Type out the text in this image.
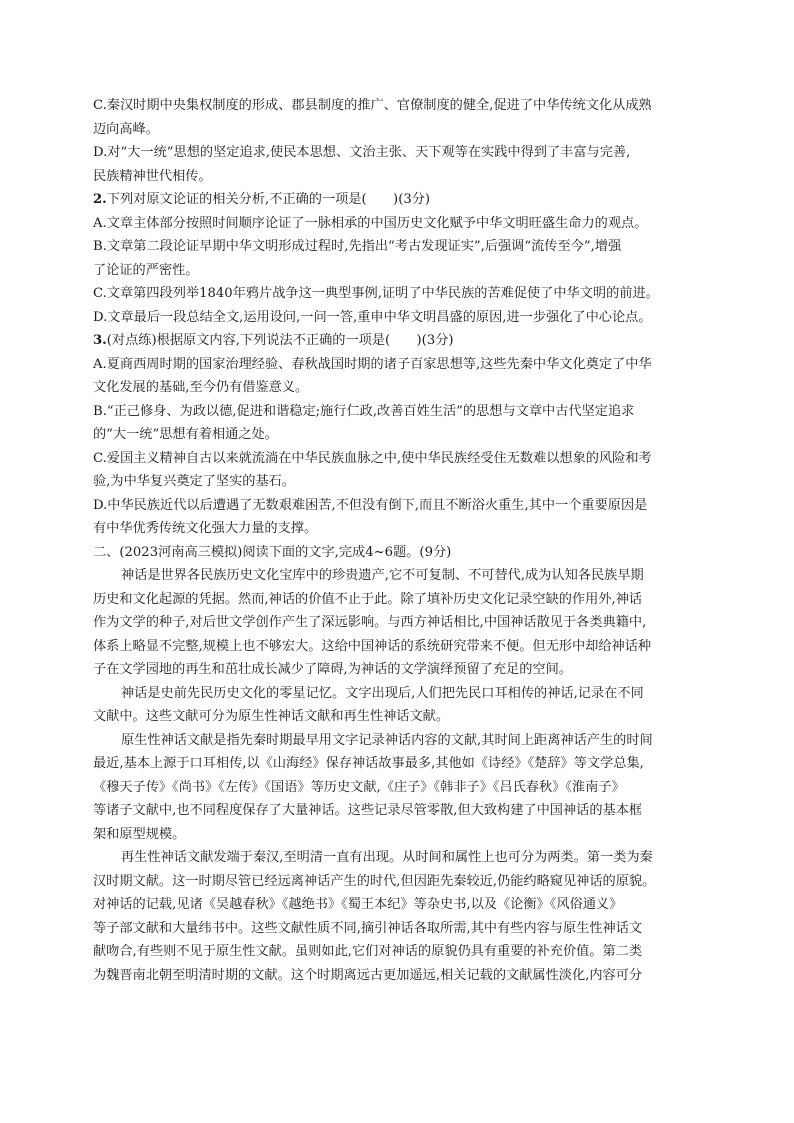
C.秦汉时期中央集权制度的形成、郡县制度的推广、官僚制度的健全,促进了中华传统文化从成熟
迈向高峰。
D.对“大一统”思想的坚定追求,使民本思想、文治主张、天下观等在实践中得到了丰富与完善,
民族精神世代相传。
2.下列对原文论证的相关分析,不正确的一项是(　　)(3分)
A.文章主体部分按照时间顺序论证了一脉相承的中国历史文化赋予中华文明旺盛生命力的观点。
B.文章第二段论证早期中华文明形成过程时,先指出“考古发现证实”,后强调“流传至今”,增强
了论证的严密性。
C.文章第四段列举1840年鸦片战争这一典型事例,证明了中华民族的苦难促使了中华文明的前进。
D.文章最后一段总结全文,运用设问,一问一答,重申中华文明昌盛的原因,进一步强化了中心论点。
3.(对点练)根据原文内容,下列说法不正确的一项是(　　)(3分)
A.夏商西周时期的国家治理经验、春秋战国时期的诸子百家思想等,这些先秦中华文化奠定了中华
文化发展的基础,至今仍有借鉴意义。
B.“正己修身、为政以德,促进和谐稳定;施行仁政,改善百姓生活”的思想与文章中古代坚定追求
的“大一统”思想有着相通之处。
C.爱国主义精神自古以来就流淌在中华民族血脉之中,使中华民族经受住无数难以想象的风险和考
验,为中华复兴奠定了坚实的基石。
D.中华民族近代以后遭遇了无数艰难困苦,不但没有倒下,而且不断浴火重生,其中一个重要原因是
有中华优秀传统文化强大力量的支撑。
二、(2023河南高三模拟)阅读下面的文字,完成4~6题。(9分)
神话是世界各民族历史文化宝库中的珍贵遗产,它不可复制、不可替代,成为认知各民族早期
历史和文化起源的凭据。然而,神话的价值不止于此。除了填补历史文化记录空缺的作用外,神话
作为文学的种子,对后世文学创作产生了深远影响。与西方神话相比,中国神话散见于各类典籍中,
体系上略显不完整,规模上也不够宏大。这给中国神话的系统研究带来不便。但无形中却给神话种
子在文学园地的再生和茁壮成长减少了障碍,为神话的文学演绎预留了充足的空间。
神话是史前先民历史文化的零星记忆。文字出现后,人们把先民口耳相传的神话,记录在不同
文献中。这些文献可分为原生性神话文献和再生性神话文献。
原生性神话文献是指先秦时期最早用文字记录神话内容的文献,其时间上距离神话产生的时间
最近,基本上源于口耳相传,以《山海经》保存神话故事最多,其他如《诗经》《楚辞》等文学总集,
《穆天子传》《尚书》《左传》《国语》等历史文献,《庄子》《韩非子》《吕氏春秋》《淮南子》
等诸子文献中,也不同程度保存了大量神话。这些记录尽管零散,但大致构建了中国神话的基本框
架和原型规模。
再生性神话文献发端于秦汉,至明清一直有出现。从时间和属性上也可分为两类。第一类为秦
汉时期文献。这一时期尽管已经远离神话产生的时代,但因距先秦较近,仍能约略窥见神话的原貌。
对神话的记载,见诸《吴越春秋》《越绝书》《蜀王本纪》等杂史书,以及《论衡》《风俗通义》
等子部文献和大量纬书中。这些文献性质不同,摘引神话各取所需,其中有些内容与原生性神话文
献吻合,有些则不见于原生性文献。虽则如此,它们对神话的原貌仍具有重要的补充价值。第二类
为魏晋南北朝至明清时期的文献。这个时期离远古更加遥远,相关记载的文献属性淡化,内容可分
